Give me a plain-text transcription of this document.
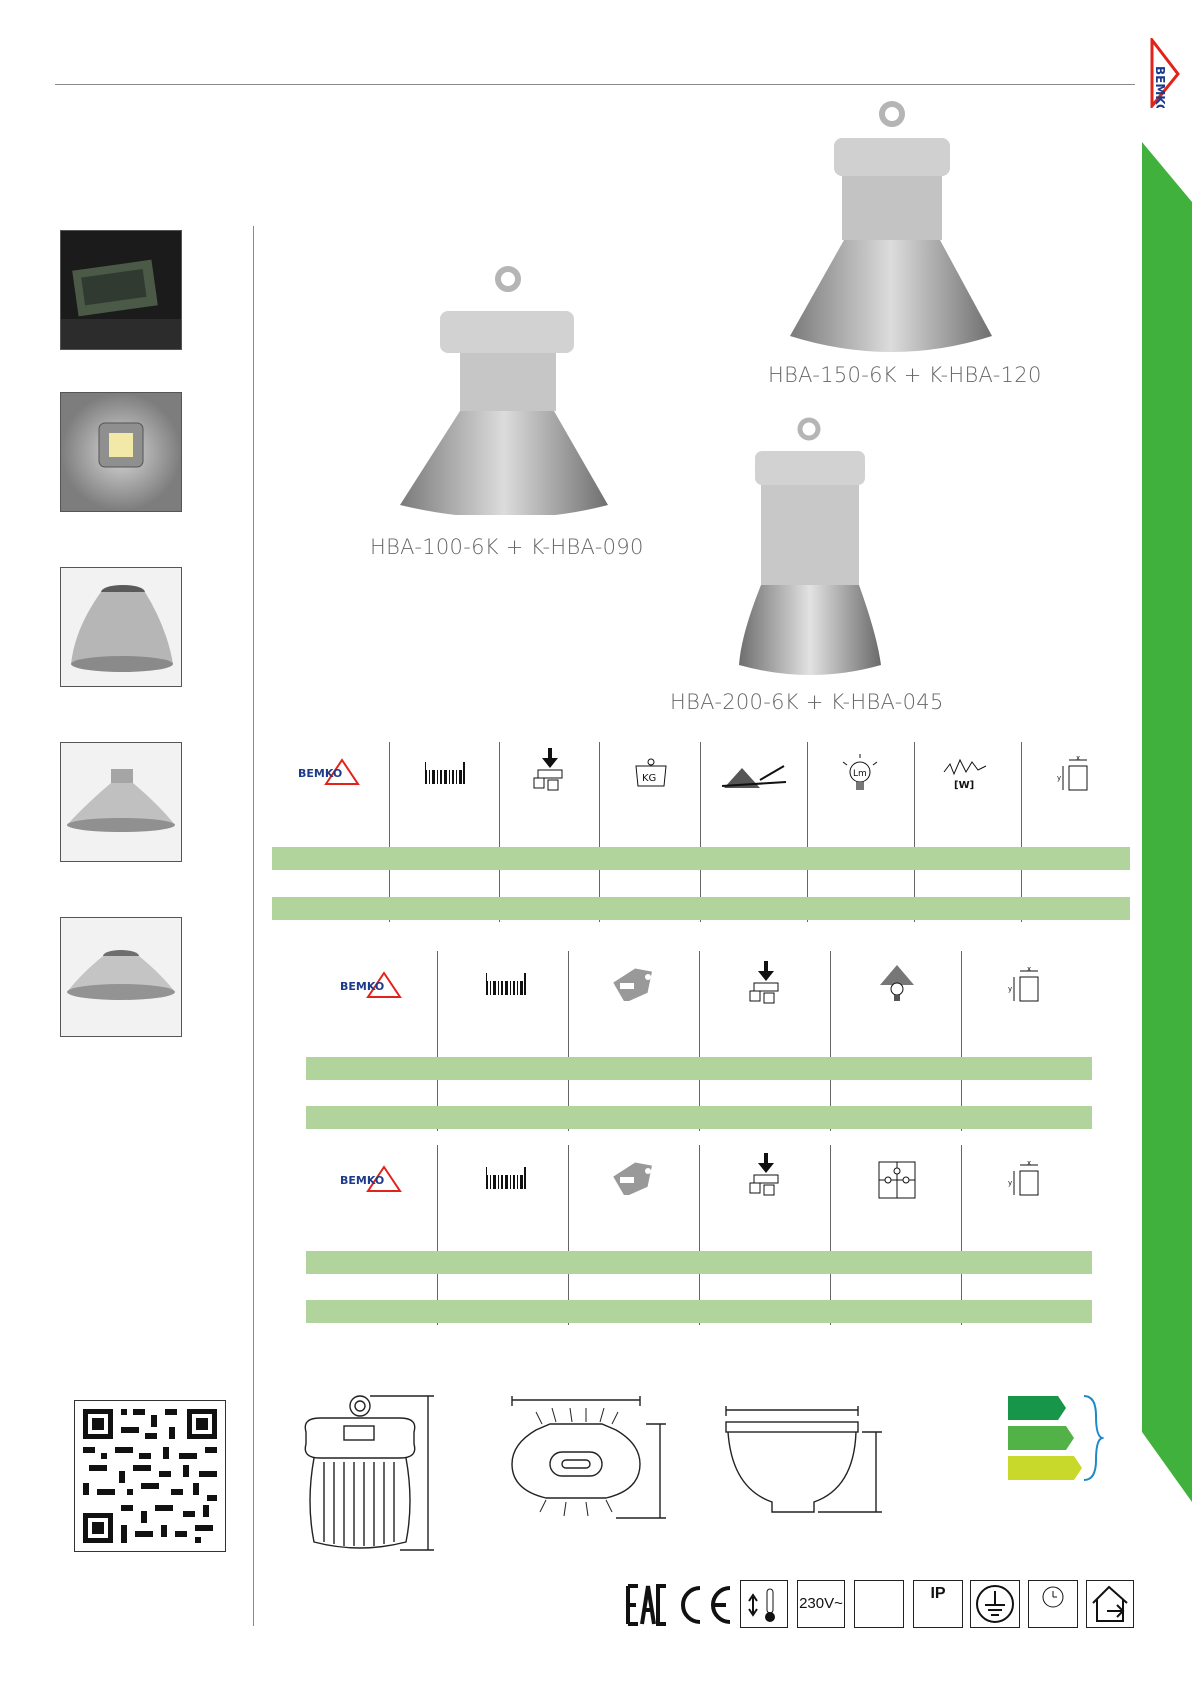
BEMKO
HBA-150-6K + K-HBA-120
HBA-100-6K + K-HBA-090
HBA-200-6K + K-HBA-045
BEMKO	KG	Lm
[W]
x
y
BEMKO
x
y
BEMKO
x
y
230V~
IP
